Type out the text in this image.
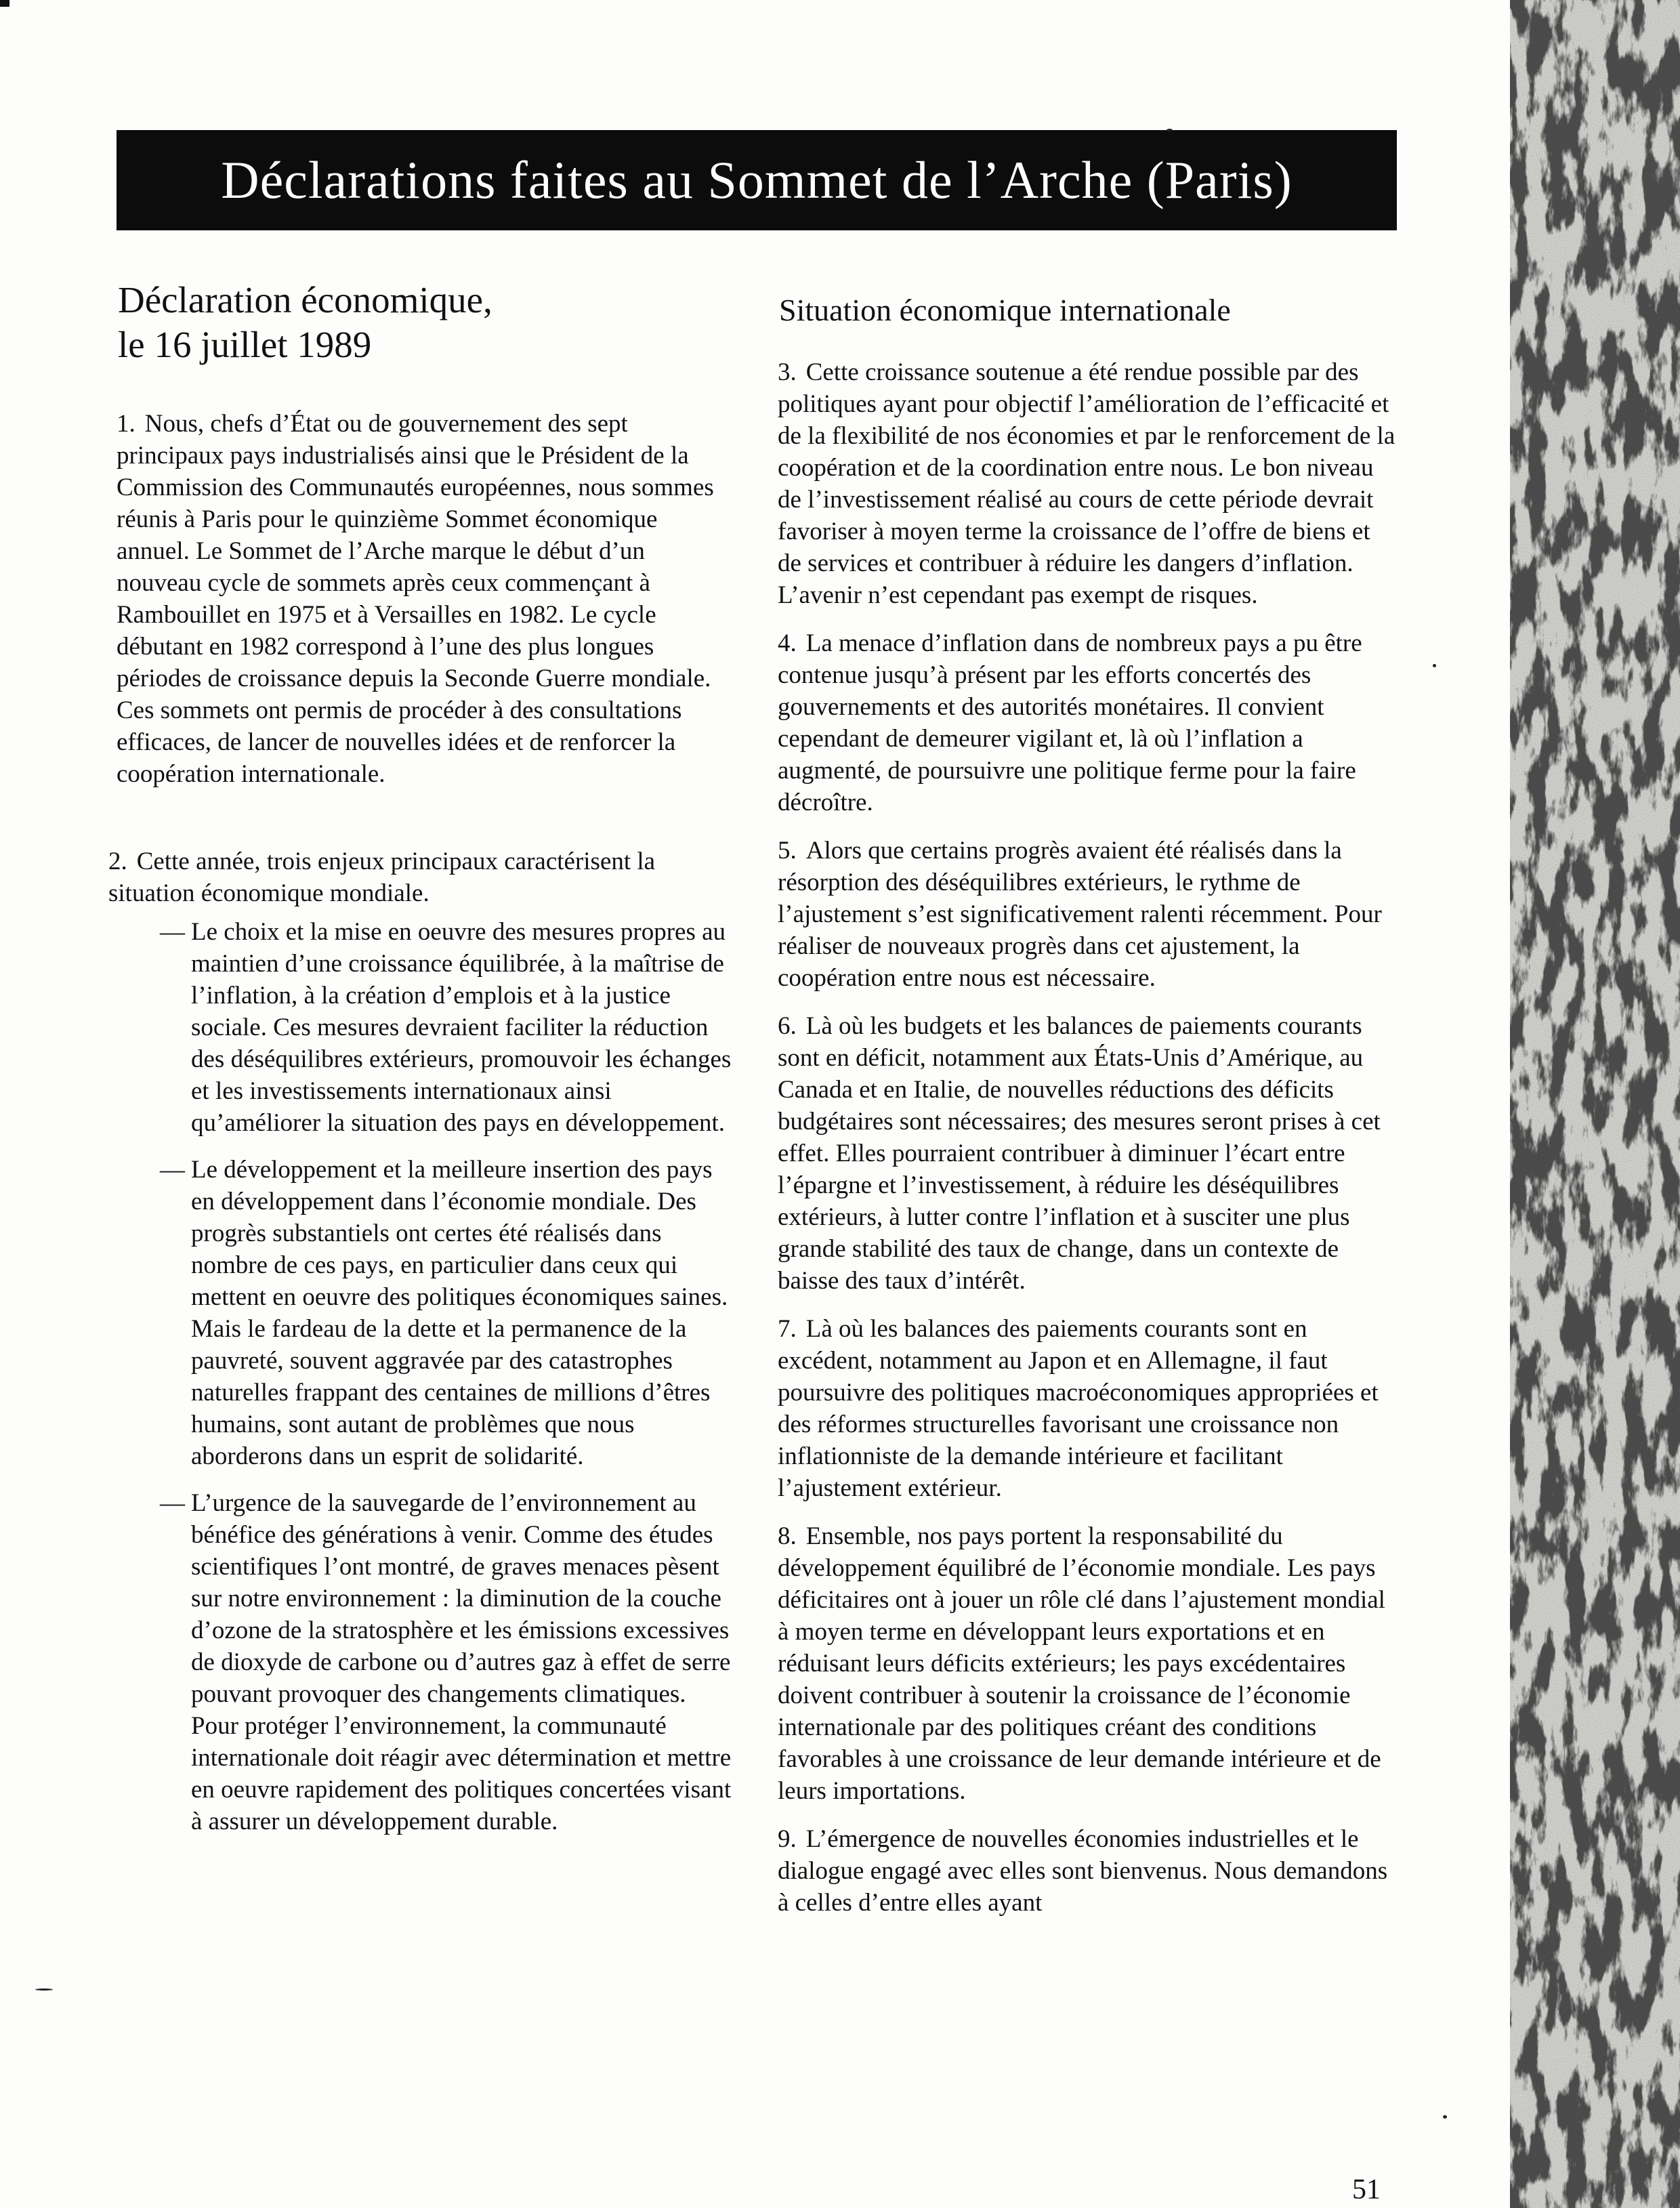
Déclarations faites au Sommet de l’Arche (Paris)
Déclaration économique,
le 16 juillet 1989

1. Nous, chefs d’État ou de gouvernement des sept principaux pays industrialisés ainsi que le Président de la Commission des Communautés européennes, nous sommes réunis à Paris pour le quinzième Sommet économique annuel. Le Sommet de l’Arche marque le début d’un nouveau cycle de sommets après ceux commençant à Rambouillet en 1975 et à Versailles en 1982. Le cycle débutant en 1982 correspond à l’une des plus longues périodes de croissance depuis la Seconde Guerre mondiale. Ces sommets ont permis de procéder à des consultations efficaces, de lancer de nouvelles idées et de renforcer la coopération internationale.

2. Cette année, trois enjeux principaux caractérisent la situation économique mondiale.

— Le choix et la mise en oeuvre des mesures propres au maintien d’une croissance équilibrée, à la maîtrise de l’inflation, à la création d’emplois et à la justice sociale. Ces mesures devraient faciliter la réduction des déséquilibres extérieurs, promouvoir les échanges et les investissements internationaux ainsi qu’améliorer la situation des pays en développement.

— Le développement et la meilleure insertion des pays en développement dans l’économie mondiale. Des progrès substantiels ont certes été réalisés dans nombre de ces pays, en particulier dans ceux qui mettent en oeuvre des politiques économiques saines. Mais le fardeau de la dette et la permanence de la pauvreté, souvent aggravée par des catastrophes naturelles frappant des centaines de millions d’êtres humains, sont autant de problèmes que nous aborderons dans un esprit de solidarité.

— L’urgence de la sauvegarde de l’environnement au bénéfice des générations à venir. Comme des études scientifiques l’ont montré, de graves menaces pèsent sur notre environnement : la diminution de la couche d’ozone de la stratosphère et les émissions excessives de dioxyde de carbone ou d’autres gaz à effet de serre pouvant provoquer des changements climatiques. Pour protéger l’environnement, la communauté internationale doit réagir avec détermination et mettre en oeuvre rapidement des politiques concertées visant à assurer un développement durable.

Situation économique internationale

3. Cette croissance soutenue a été rendue possible par des politiques ayant pour objectif l’amélioration de l’efficacité et de la flexibilité de nos économies et par le renforcement de la coopération et de la coordination entre nous. Le bon niveau de l’investissement réalisé au cours de cette période devrait favoriser à moyen terme la croissance de l’offre de biens et de services et contribuer à réduire les dangers d’inflation. L’avenir n’est cependant pas exempt de risques.

4. La menace d’inflation dans de nombreux pays a pu être contenue jusqu’à présent par les efforts concertés des gouvernements et des autorités monétaires. Il convient cependant de demeurer vigilant et, là où l’inflation a augmenté, de poursuivre une politique ferme pour la faire décroître.

5. Alors que certains progrès avaient été réalisés dans la résorption des déséquilibres extérieurs, le rythme de l’ajustement s’est significativement ralenti récemment. Pour réaliser de nouveaux progrès dans cet ajustement, la coopération entre nous est nécessaire.

6. Là où les budgets et les balances de paiements courants sont en déficit, notamment aux États-Unis d’Amérique, au Canada et en Italie, de nouvelles réductions des déficits budgétaires sont nécessaires; des mesures seront prises à cet effet. Elles pourraient contribuer à diminuer l’écart entre l’épargne et l’investissement, à réduire les déséquilibres extérieurs, à lutter contre l’inflation et à susciter une plus grande stabilité des taux de change, dans un contexte de baisse des taux d’intérêt.

7. Là où les balances des paiements courants sont en excédent, notamment au Japon et en Allemagne, il faut poursuivre des politiques macroéconomiques appropriées et des réformes structurelles favorisant une croissance non inflationniste de la demande intérieure et facilitant l’ajustement extérieur.

8. Ensemble, nos pays portent la responsabilité du développement équilibré de l’économie mondiale. Les pays déficitaires ont à jouer un rôle clé dans l’ajustement mondial à moyen terme en développant leurs exportations et en réduisant leurs déficits extérieurs; les pays excédentaires doivent contribuer à soutenir la croissance de l’économie internationale par des politiques créant des conditions favorables à une croissance de leur demande intérieure et de leurs importations.

9. L’émergence de nouvelles économies industrielles et le dialogue engagé avec elles sont bienvenus. Nous demandons à celles d’entre elles ayant

51
